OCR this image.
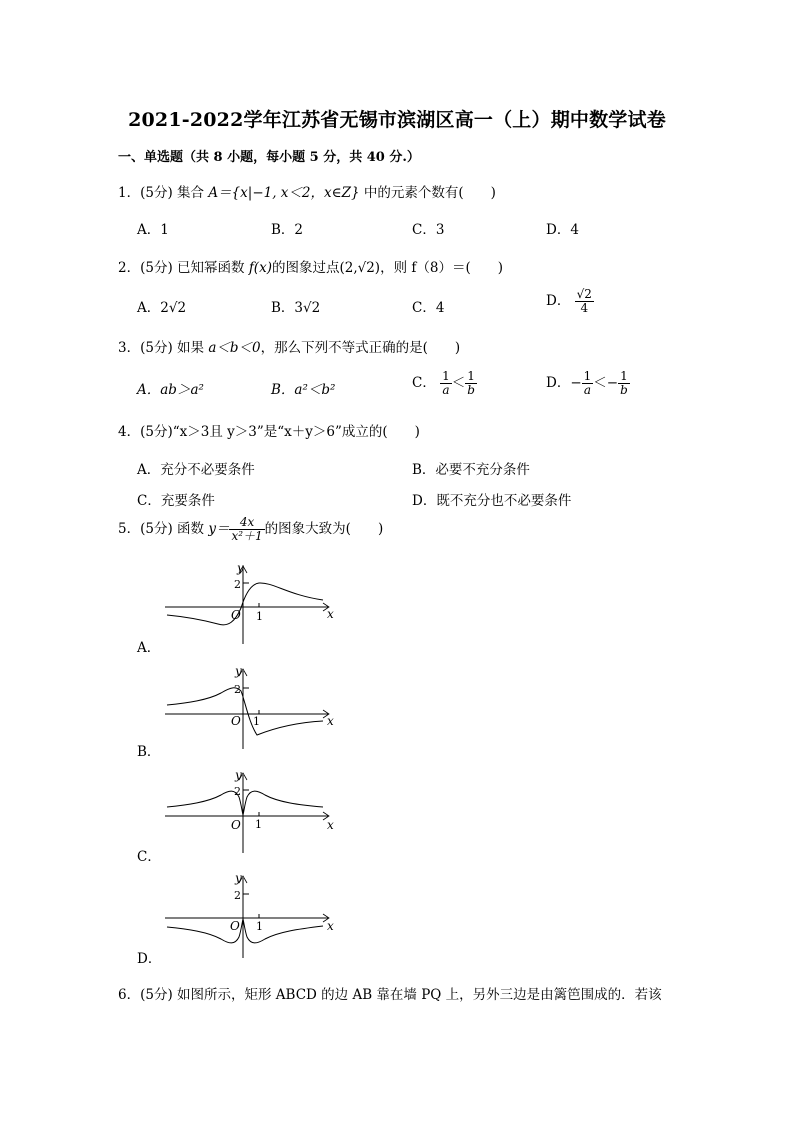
2021-2022学年江苏省无锡市滨湖区高一（上）期中数学试卷
一、单选题（共 8 小题，每小题 5 分，共 40 分.）
1．(5分) 集合 A＝{x|−1, x＜2，x∈Z} 中的元素个数有(　　)
A．1	B．2	C．3	D．4
2．(5分) 已知幂函数 f(x)的图象过点(2,√2)，则 f（8）＝(　　)
A．2√2	B．3√2	C．4	D． $\frac{√2}{4}$
3．(5分) 如果 a＜b＜0，那么下列不等式正确的是(　　)
A．ab＞a²	B．a²＜b²	C． $\frac{1}{a} < \frac{1}{b}$	D．− $\frac{1}{a} <- \frac{1}{b}$
4．(5分)“x＞3且 y＞3”是“x＋y＞6”成立的(　　)
A．充分不必要条件	B．必要不充分条件
C．充要条件	D．既不充分也不必要条件
5．(5分) 函数 $y= \frac{4x}{\text{x²＋1}}$ 的图象大致为(　　)
A．
B．
C．
D．
y
x
O 1
2
y
x
O 1
2
y
x
O 1
2
y
x
O 1
2
6．(5分) 如图所示，矩形 ABCD 的边 AB 靠在墙 PQ 上，另外三边是由篱笆围成的．若该
